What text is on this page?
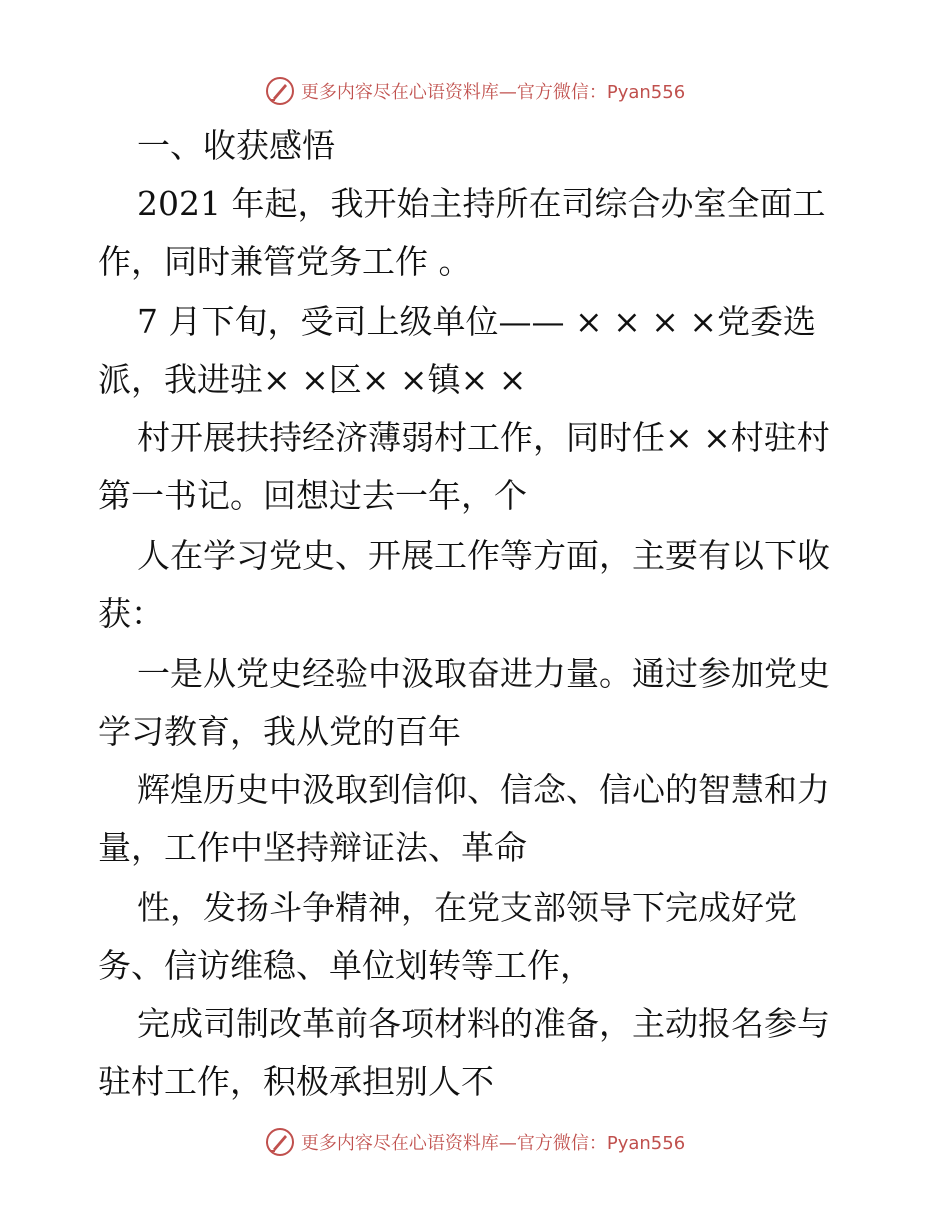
更多内容尽在心语资料库—官方微信：Pyan556
一、收获感悟
2021 年起，我开始主持所在司综合办室全面工
作，同时兼管党务工作 。
7 月下旬，受司上级单位—— × × × ×党委选
派，我进驻× ×区× ×镇× ×
村开展扶持经济薄弱村工作，同时任× ×村驻村
第一书记。回想过去一年，个
人在学习党史、开展工作等方面，主要有以下收
获：
一是从党史经验中汲取奋进力量。通过参加党史
学习教育，我从党的百年
辉煌历史中汲取到信仰、信念、信心的智慧和力
量，工作中坚持辩证法、革命
性，发扬斗争精神，在党支部领导下完成好党
务、信访维稳、单位划转等工作，
完成司制改革前各项材料的准备，主动报名参与
驻村工作，积极承担别人不
更多内容尽在心语资料库—官方微信：Pyan556
